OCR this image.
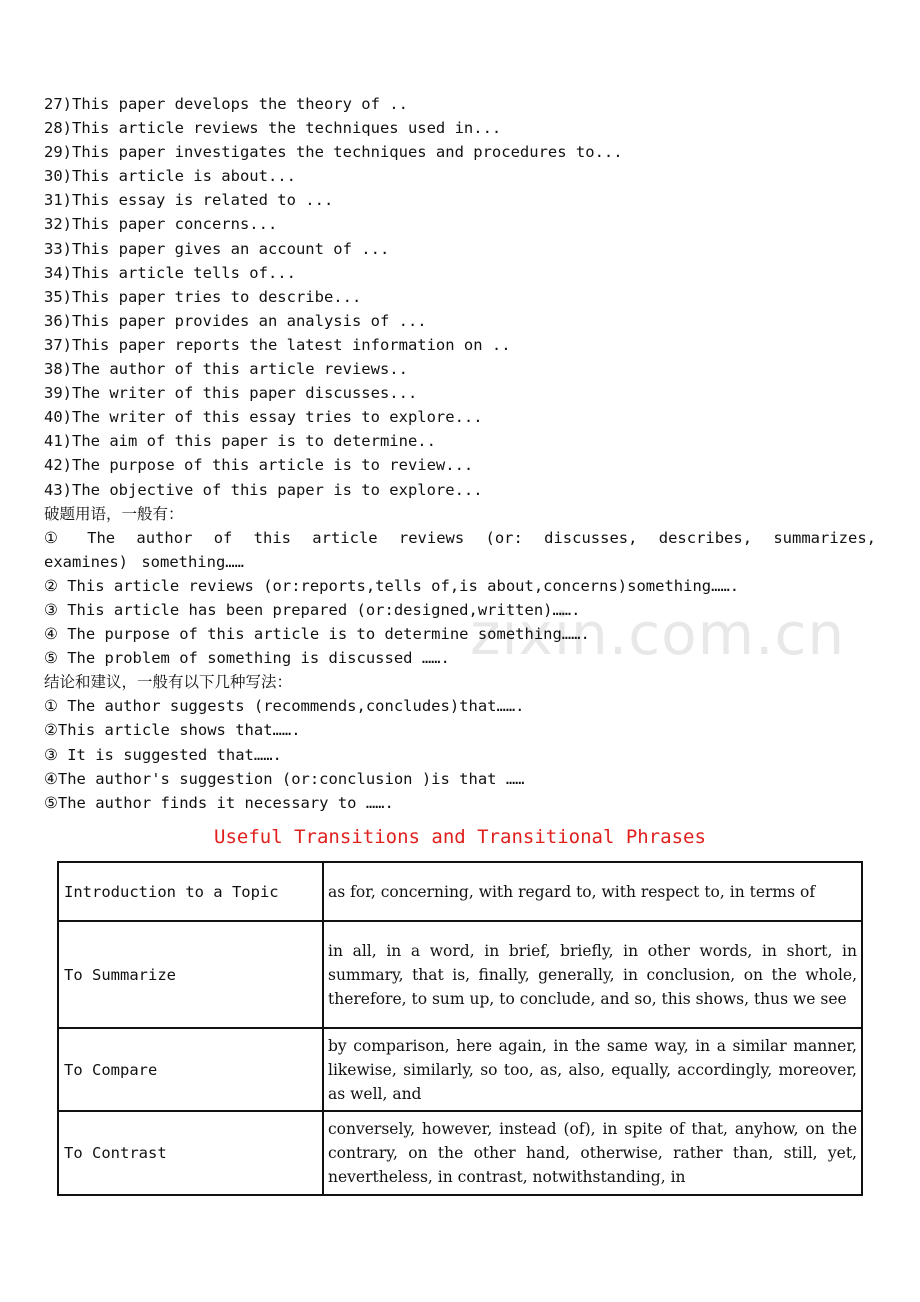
27)This paper develops the theory of ..
28)This article reviews the techniques used in...
29)This paper investigates the techniques and procedures to...
30)This article is about...
31)This essay is related to ...
32)This paper concerns...
33)This paper gives an account of ...
34)This article tells of...
35)This paper tries to describe...
36)This paper provides an analysis of ...
37)This paper reports the latest information on ..
38)The author of this article reviews..
39)The writer of this paper discusses...
40)The writer of this essay tries to explore...
41)The aim of this paper is to determine..
42)The purpose of this article is to review...
43)The objective of this paper is to explore...
破题用语，一般有：
① The author of this article reviews (or: discusses, describes, summarizes, examines) something……
② This article reviews (or:reports,tells of,is about,concerns)something…….
③ This article has been prepared (or:designed,written)…….
④ The purpose of this article is to determine something…….
⑤ The problem of something is discussed …….
结论和建议，一般有以下几种写法：
① The author suggests (recommends,concludes)that…….
②This article shows that…….
③ It is suggested that…….
④The author's suggestion (or:conclusion )is that ……
⑤The author finds it necessary to …….
zixin.com.cn
Useful Transitions and Transitional Phrases
Introduction to a Topic	as for, concerning, with regard to, with respect to, in terms of
To Summarize	in all, in a word, in brief, briefly, in other words, in short, in summary, that is, finally, generally, in conclusion, on the whole, therefore, to sum up, to conclude, and so, this shows, thus we see
To Compare	by comparison, here again, in the same way, in a similar manner, likewise, similarly, so too, as, also, equally, accordingly, moreover, as well, and
To Contrast	conversely, however, instead (of), in spite of that, anyhow, on the contrary, on the other hand, otherwise, rather than, still, yet, nevertheless, in contrast, notwithstanding, in
